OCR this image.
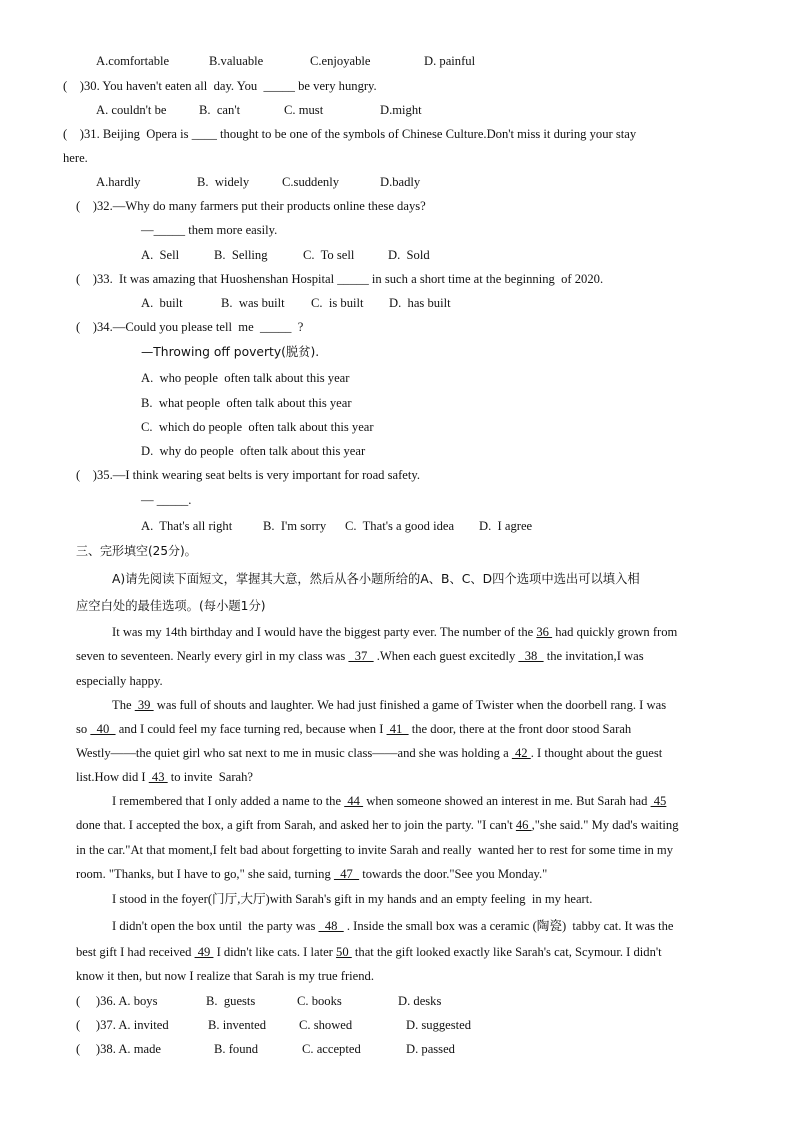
A.comfortable	B.valuable	C.enjoyable	D. painful
(    )30. You haven't eaten all  day. You  _____ be very hungry.
A. couldn't be	B.  can't	C. must	D.might
(    )31. Beijing  Opera is ____ thought to be one of the symbols of Chinese Culture.Don't miss it during your stay
here.
A.hardly	B.  widely	C.suddenly	D.badly
(    )32.—Why do many farmers put their products online these days?
—_____ them more easily.
A.  Sell	B.  Selling	C.  To sell	D.  Sold
(    )33.  It was amazing that Huoshenshan Hospital _____ in such a short time at the beginning  of 2020.
A.  built	B.  was built C.  is built D.  has built
(    )34.—Could you please tell  me  _____  ?
—Throwing off poverty(脱贫).
A.  who people  often talk about this year
B.  what people  often talk about this year
C.  which do people  often talk about this year
D.  why do people  often talk about this year
(    )35.—I think wearing seat belts is very important for road safety.
— _____.
A.  That's all right B.  I'm sorry C.  That's a good idea D.  I agree
三、完形填空(25分)。
A)请先阅读下面短文，掌握其大意，然后从各小题所给的A、B、C、D四个选项中选出可以填入相
应空白处的最佳选项。(每小题1分)
It was my 14th birthday and I would have the biggest party ever. The number of the 36  had quickly grown from
seven to seventeen. Nearly every girl in my class was   37   .When each guest excitedly   38   the invitation,I was
especially happy.
The  39  was full of shouts and laughter. We had just finished a game of Twister when the doorbell rang. I was
so   40   and I could feel my face turning red, because when I  41   the door, there at the front door stood Sarah
Westly——the quiet girl who sat next to me in music class——and she was holding a  42 . I thought about the guest
list.How did I  43  to invite  Sarah?
I remembered that I only added a name to the  44  when someone showed an interest in me. But Sarah had  45
done that. I accepted the box, a gift from Sarah, and asked her to join the party. "I can't 46 ,"she said." My dad's waiting
in the car."At that moment,I felt bad about forgetting to invite Sarah and really  wanted her to rest for some time in my
room. "Thanks, but I have to go," she said, turning   47   towards the door."See you Monday."
I stood in the foyer(门厅,大厅)with Sarah's gift in my hands and an empty feeling  in my heart.
I didn't open the box until  the party was   48   . Inside the small box was a ceramic (陶瓷)  tabby cat. It was the
best gift I had received  49  I didn't like cats. I later 50  that the gift looked exactly like Sarah's cat, Scymour. I didn't
know it then, but now I realize that Sarah is my true friend.
(     )36. A. boys	B.  guests	C. books	D. desks
(     )37. A. invited	B. invented	C. showed	D. suggested
(     )38. A. made	B. found	C. accepted	D. passed
